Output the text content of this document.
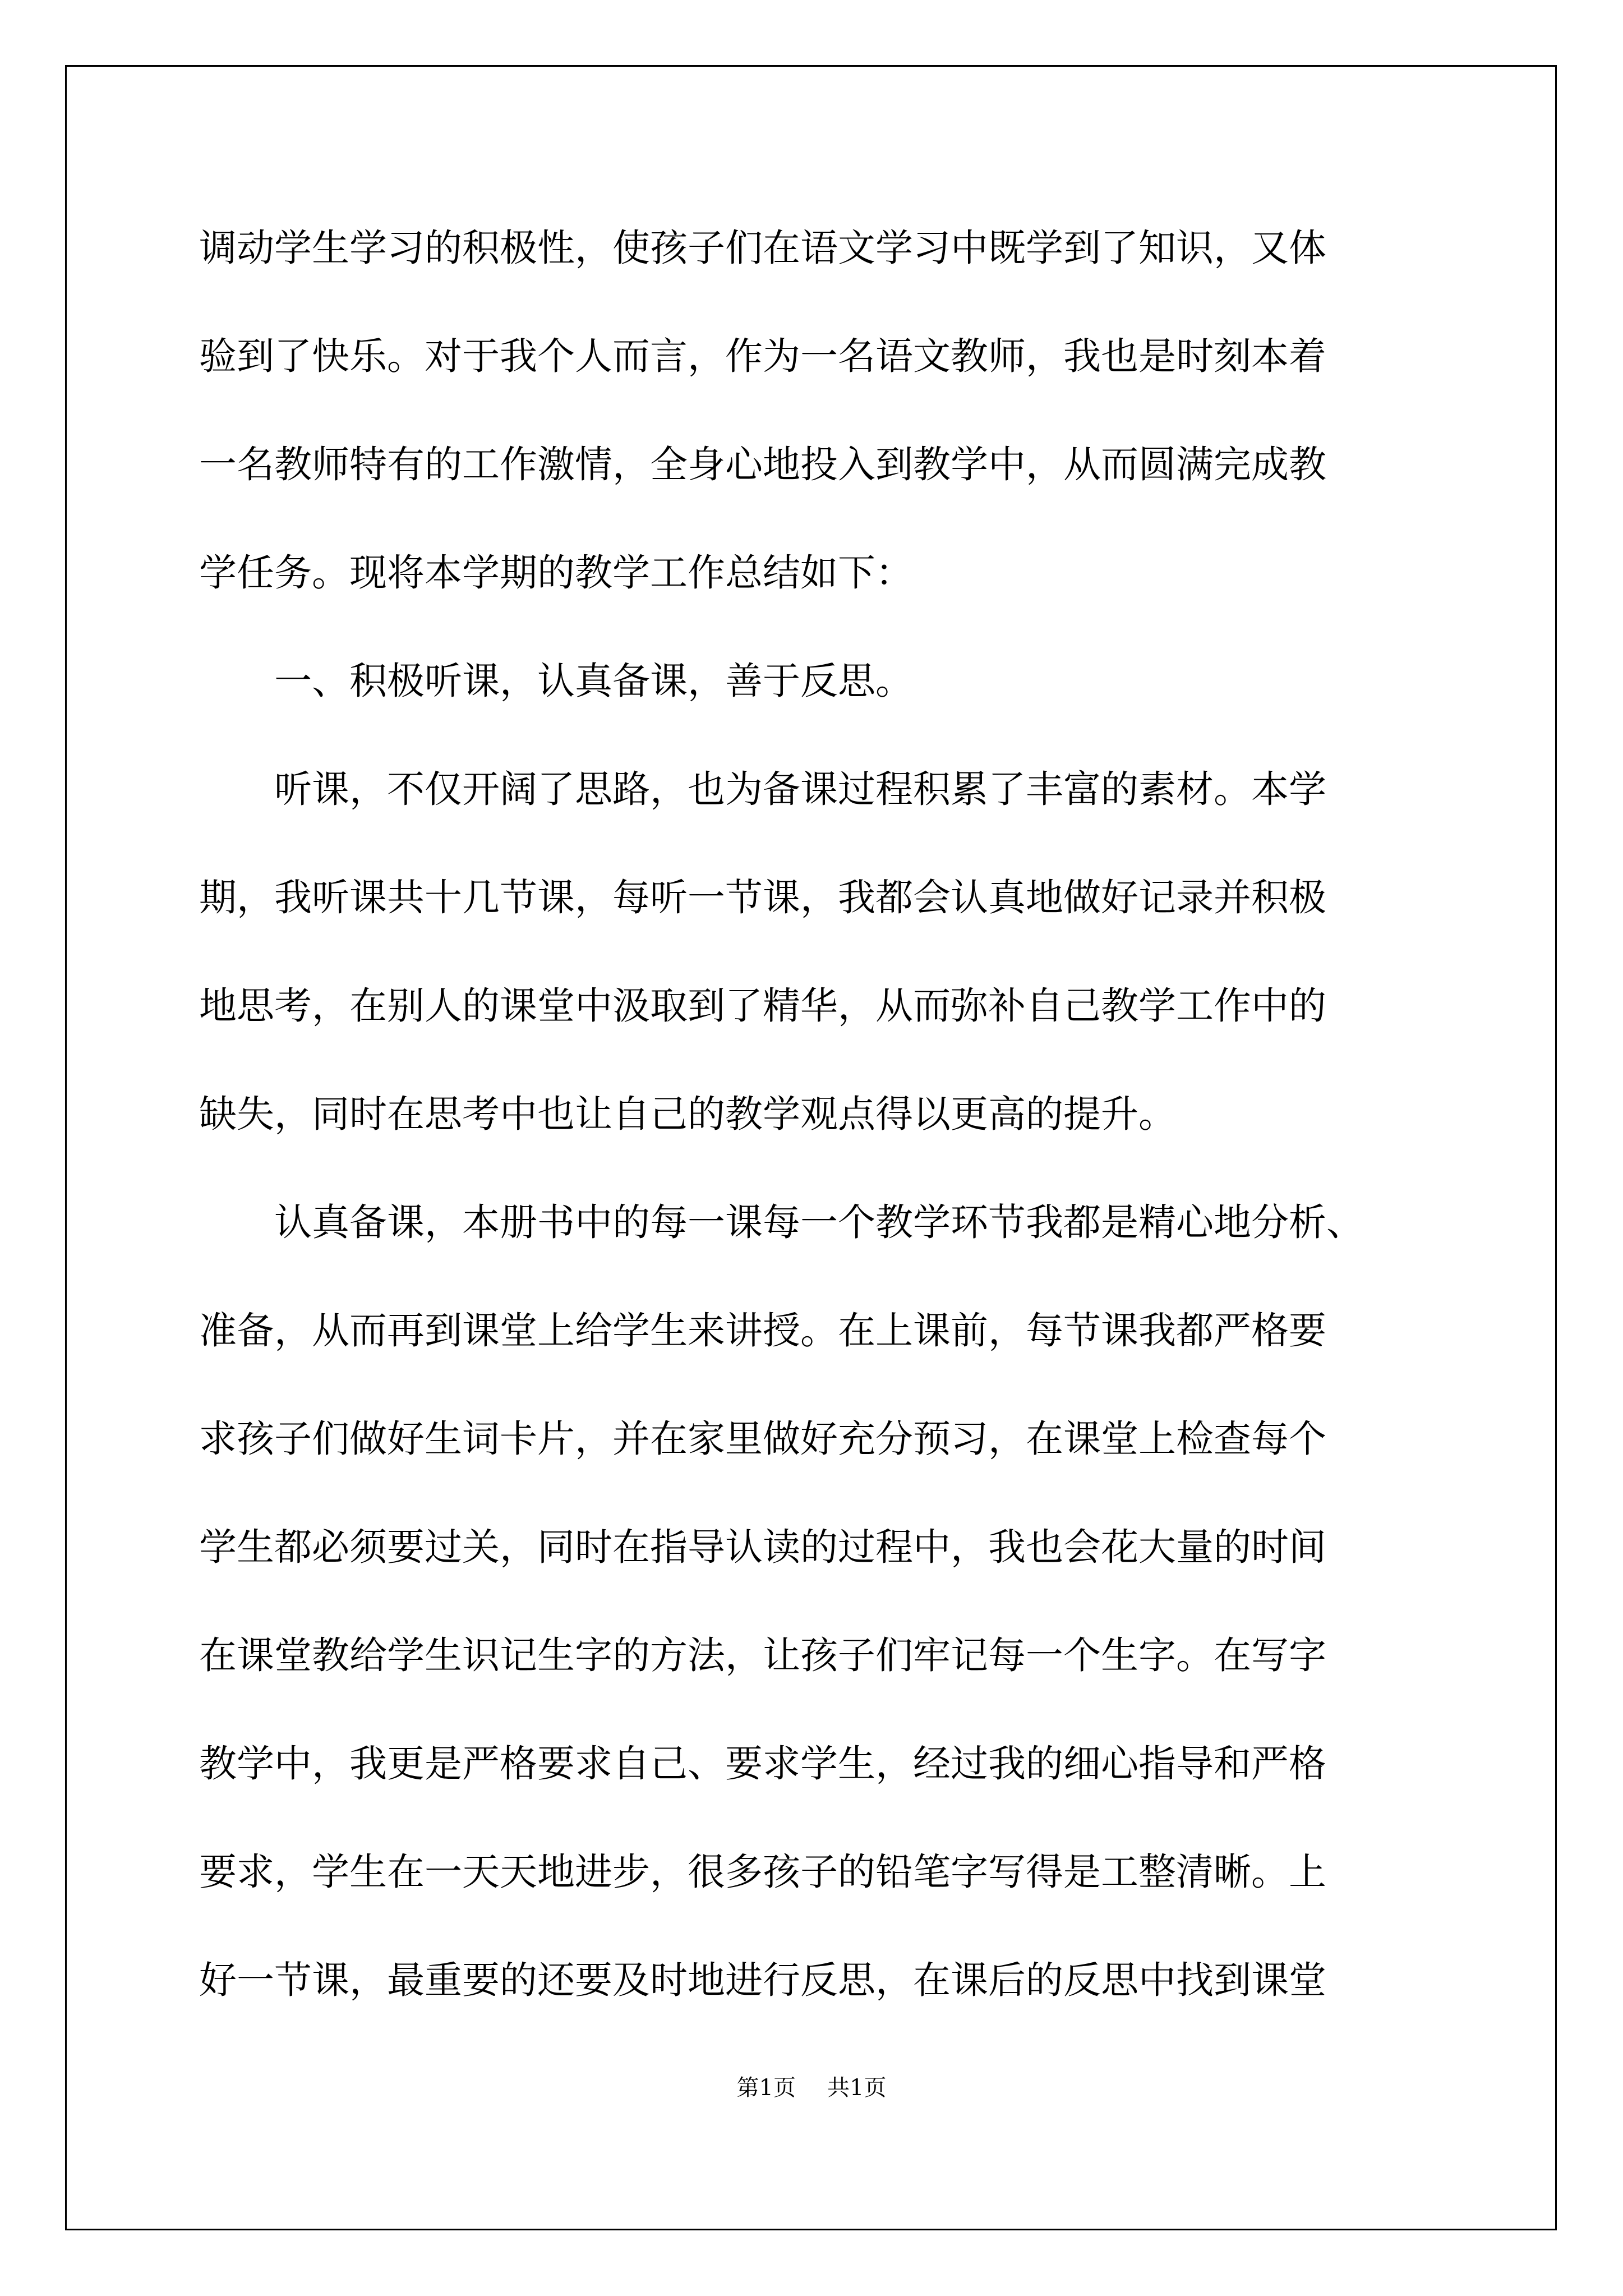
调动学生学习的积极性，使孩子们在语文学习中既学到了知识，又体

验到了快乐。对于我个人而言，作为一名语文教师，我也是时刻本着

一名教师特有的工作激情，全身心地投入到教学中，从而圆满完成教

学任务。现将本学期的教学工作总结如下：

　　一、积极听课，认真备课，善于反思。

　　听课，不仅开阔了思路，也为备课过程积累了丰富的素材。本学

期，我听课共十几节课，每听一节课，我都会认真地做好记录并积极

地思考，在别人的课堂中汲取到了精华，从而弥补自己教学工作中的

缺失，同时在思考中也让自己的教学观点得以更高的提升。

　　认真备课，本册书中的每一课每一个教学环节我都是精心地分析、

准备，从而再到课堂上给学生来讲授。在上课前，每节课我都严格要

求孩子们做好生词卡片，并在家里做好充分预习，在课堂上检查每个

学生都必须要过关，同时在指导认读的过程中，我也会花大量的时间

在课堂教给学生识记生字的方法，让孩子们牢记每一个生字。在写字

教学中，我更是严格要求自己、要求学生，经过我的细心指导和严格

要求，学生在一天天地进步，很多孩子的铅笔字写得是工整清晰。上

好一节课，最重要的还要及时地进行反思，在课后的反思中找到课堂

第1页 共1页
